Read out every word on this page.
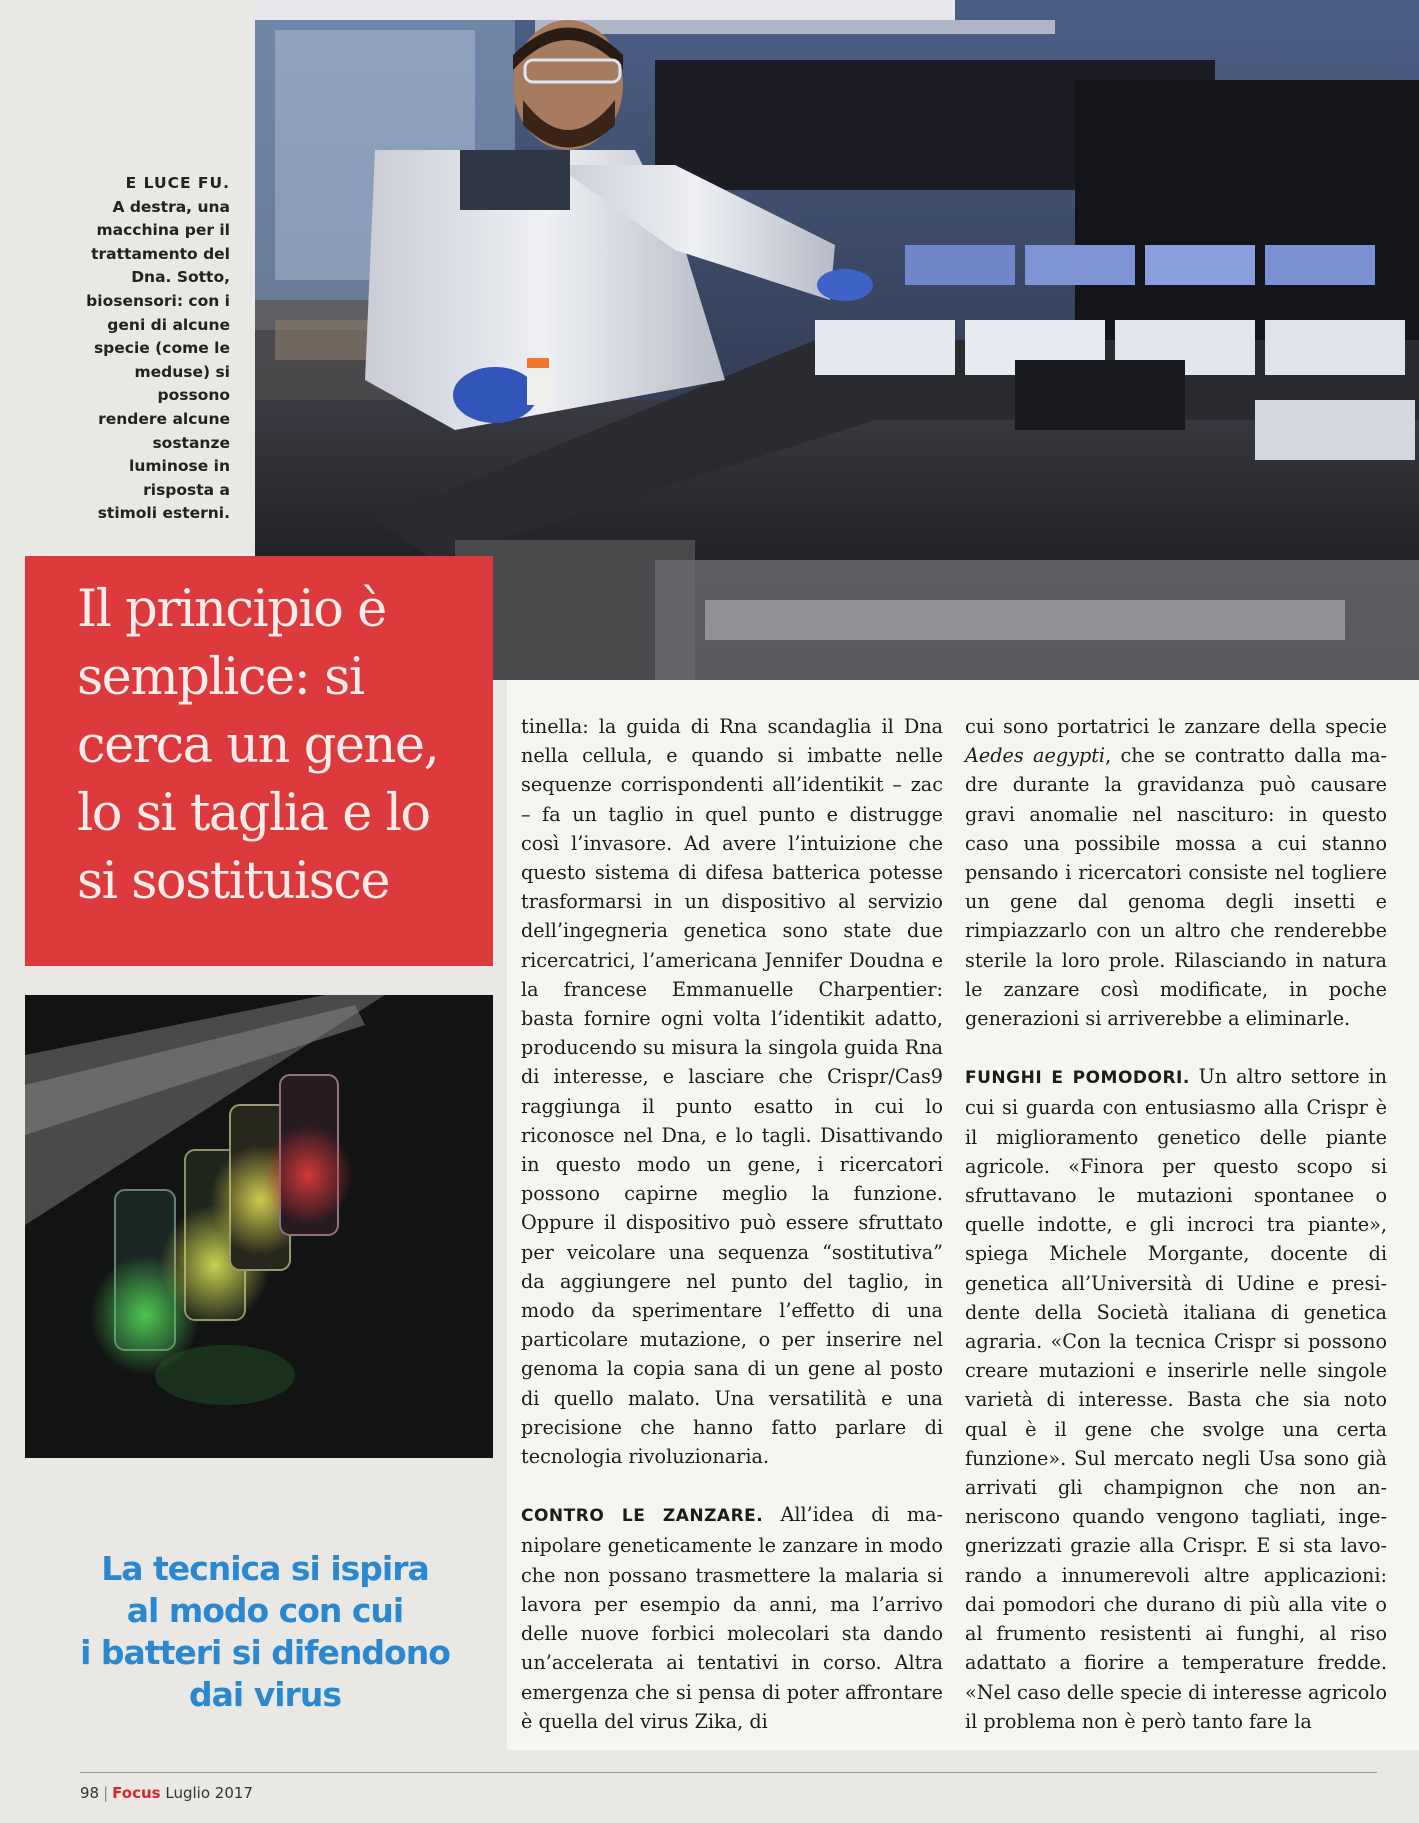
E LUCE FU.
A destra, una
macchina per il
trattamento del
Dna. Sotto,
biosensori: con i
geni di alcune
specie (come le
meduse) si
possono
rendere alcune
sostanze
luminose in
risposta a
stimoli esterni.
Il principio è
semplice: si
cerca un gene,
lo si taglia e lo
si sostituisce
La tecnica si ispira
al modo con cui
i batteri si difendono
dai virus

tinella: la guida di Rna scandaglia il Dna nella cellula, e quando si imbatte nelle sequenze corrispondenti all’identikit – zac – fa un taglio in quel punto e distrugge così l’invasore. Ad avere l’intuizione che questo sistema di difesa batterica potesse trasformarsi in un dispositivo al servizio dell’ingegneria genetica sono state due ricercatrici, l’americana Jennifer Doudna e la francese Emmanuelle Charpentier: basta fornire ogni volta l’identikit adatto, producendo su misura la singola guida Rna di interesse, e lasciare che Crispr/Cas9 raggiunga il punto esatto in cui lo riconosce nel Dna, e lo tagli. Disattivando in questo modo un gene, i ricercatori possono capirne meglio la funzione. Oppure il dispositivo può essere sfruttato per veicolare una sequenza “sostitutiva” da aggiungere nel punto del taglio, in modo da sperimentare l’effetto di una particolare mutazione, o per inserire nel genoma la copia sana di un gene al posto di quello malato. Una versatilità e una precisione che hanno fatto parlare di tecnologia rivoluzionaria.

CONTRO LE ZANZARE. All’idea di manipolare geneticamente le zanzare in modo che non possano trasmettere la malaria si lavora per esempio da anni, ma l’arrivo delle nuove forbici molecolari sta dando un’accelerata ai tentativi in corso. Altra emergenza che si pensa di poter affrontare è quella del virus Zika, di

cui sono portatrici le zanzare della specie Aedes aegypti, che se contratto dalla madre durante la gravidanza può causare gravi anomalie nel nascituro: in questo caso una possibile mossa a cui stanno pensando i ricercatori consiste nel togliere un gene dal genoma degli insetti e rimpiazzarlo con un altro che renderebbe sterile la loro prole. Rilasciando in natura le zanzare così modificate, in poche generazioni si arriverebbe a eliminarle.

FUNGHI E POMODORI. Un altro settore in cui si guarda con entusiasmo alla Crispr è il miglioramento genetico delle piante agricole. «Finora per questo scopo si sfruttavano le mutazioni spontanee o quelle indotte, e gli incroci tra piante», spiega Michele Morgante, docente di genetica all’Università di Udine e presidente della Società italiana di genetica agraria. «Con la tecnica Crispr si possono creare mutazioni e inserirle nelle singole varietà di interesse. Basta che sia noto qual è il gene che svolge una certa funzione». Sul mercato negli Usa sono già arrivati gli champignon che non anneriscono quando vengono tagliati, ingegnerizzati grazie alla Crispr. E si sta lavorando a innumerevoli altre applicazioni: dai pomodori che durano di più alla vite o al frumento resistenti ai funghi, al riso adattato a fiorire a temperature fredde. «Nel caso delle specie di interesse agricolo il problema non è però tanto fare la

98 | Focus Luglio 2017
